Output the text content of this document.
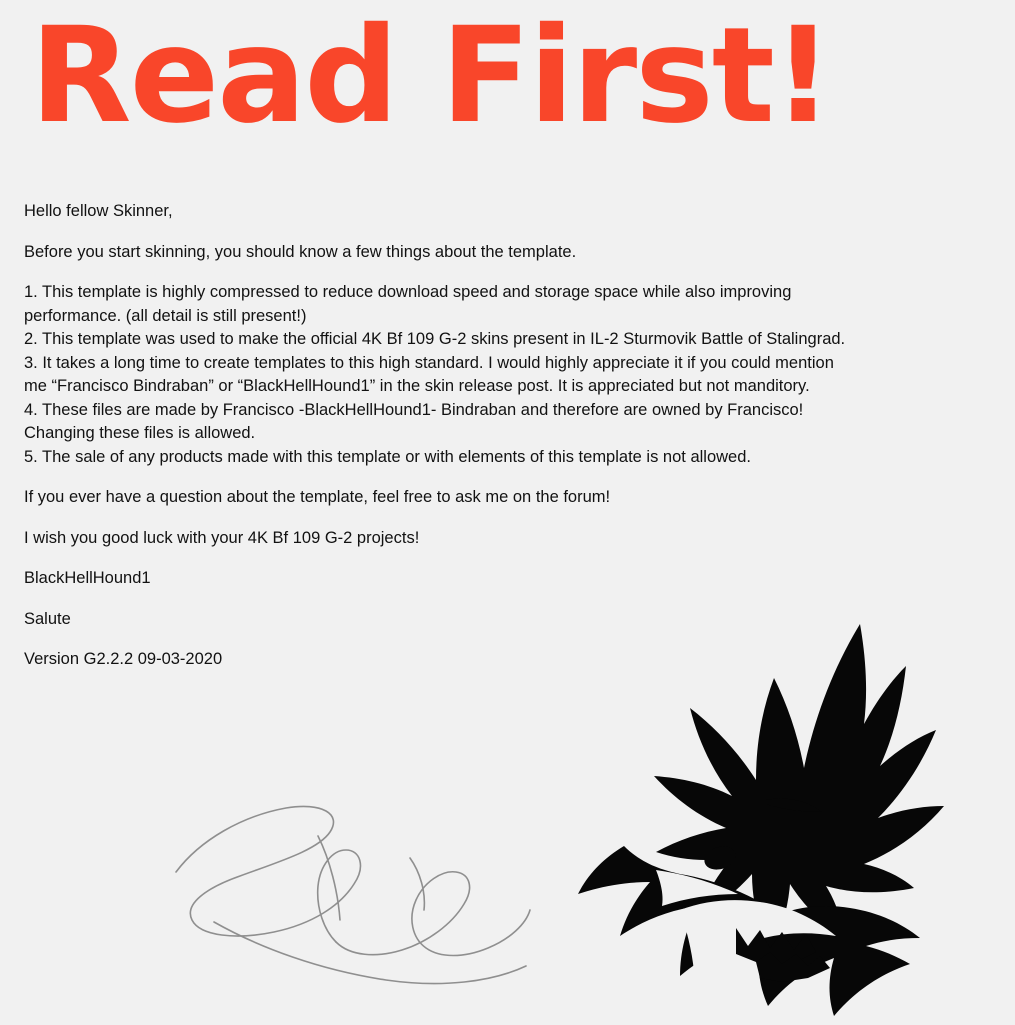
Read First!

Hello fellow Skinner,

Before you start skinning, you should know a few things about the template.

1. This template is highly compressed to reduce download speed and storage space while also improving

performance. (all detail is still present!)

2. This template was used to make the official 4K Bf 109 G-2 skins present in IL-2 Sturmovik Battle of Stalingrad.

3. It takes a long time to create templates to this high standard. I would highly appreciate it if you could mention

me “Francisco Bindraban” or “BlackHellHound1” in the skin release post. It is appreciated but not manditory.

4. These files are made by Francisco -BlackHellHound1- Bindraban and therefore are owned by Francisco!

Changing these files is allowed.

5. The sale of any products made with this template or with elements of this template is not allowed.

If you ever have a question about the template, feel free to ask me on the forum!

I wish you good luck with your 4K Bf 109 G-2 projects!

BlackHellHound1

Salute

Version G2.2.2 09-03-2020
